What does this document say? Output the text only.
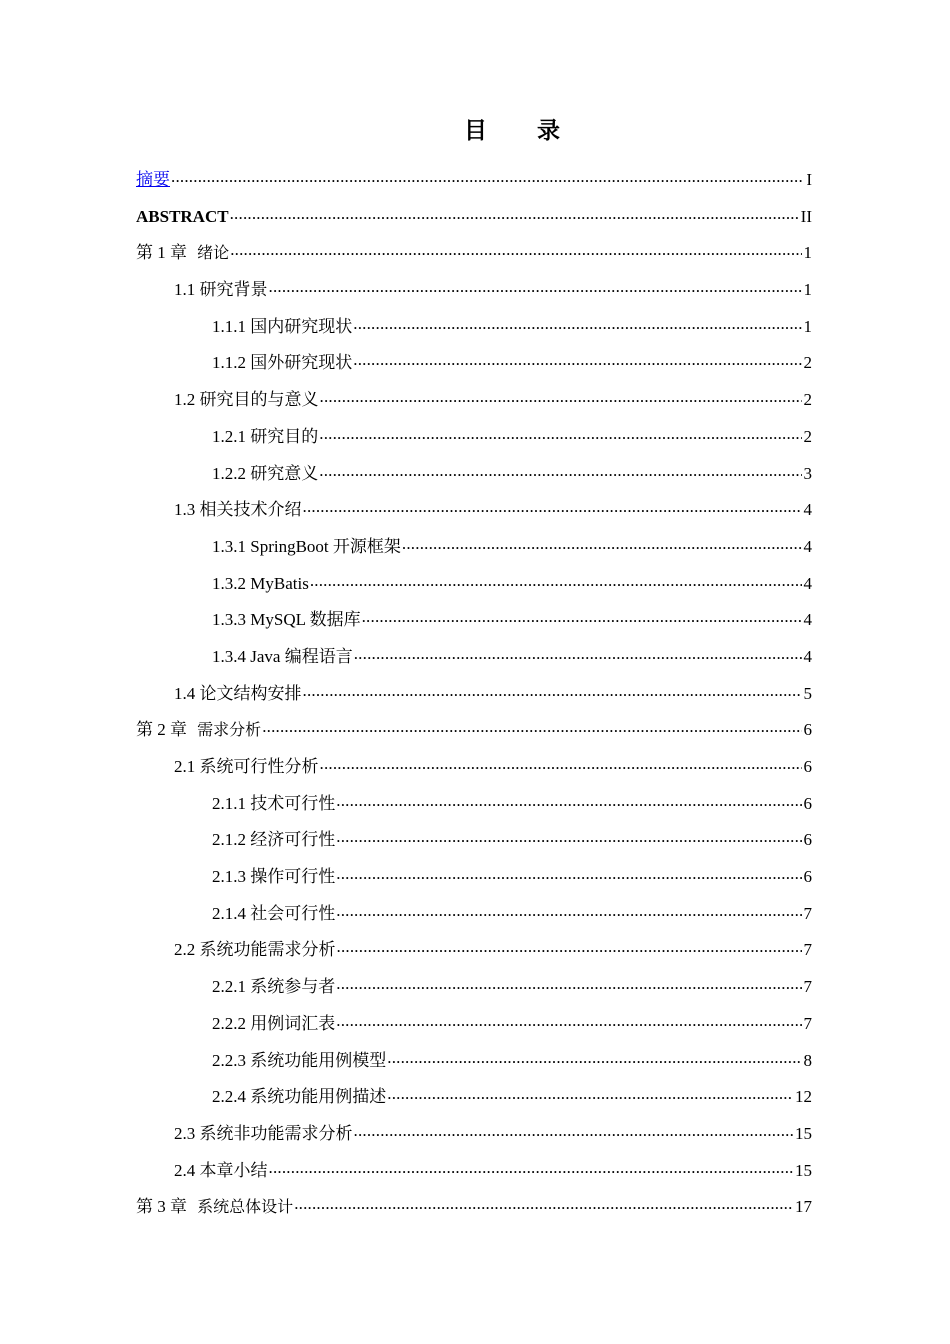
目 录
摘要 .....	I
ABSTRACT .....	II
第 1 章 绪论 .....	1
1.1 研究背景 .....	1
1.1.1 国内研究现状 .....	1
1.1.2 国外研究现状 .....	2
1.2 研究目的与意义 .....	2
1.2.1 研究目的 .....	2
1.2.2 研究意义 .....	3
1.3 相关技术介绍 .....	4
1.3.1 SpringBoot 开源框架 .....	4
1.3.2 MyBatis .....	4
1.3.3 MySQL 数据库 .....	4
1.3.4 Java 编程语言 .....	4
1.4 论文结构安排 .....	5
第 2 章 需求分析 .....	6
2.1 系统可行性分析 .....	6
2.1.1 技术可行性 .....	6
2.1.2 经济可行性 .....	6
2.1.3 操作可行性 .....	6
2.1.4 社会可行性 .....	7
2.2 系统功能需求分析 .....	7
2.2.1 系统参与者 .....	7
2.2.2 用例词汇表 .....	7
2.2.3 系统功能用例模型 .....	8
2.2.4 系统功能用例描述 .....	12
2.3 系统非功能需求分析 .....	15
2.4 本章小结 .....	15
第 3 章 系统总体设计 .....	17
